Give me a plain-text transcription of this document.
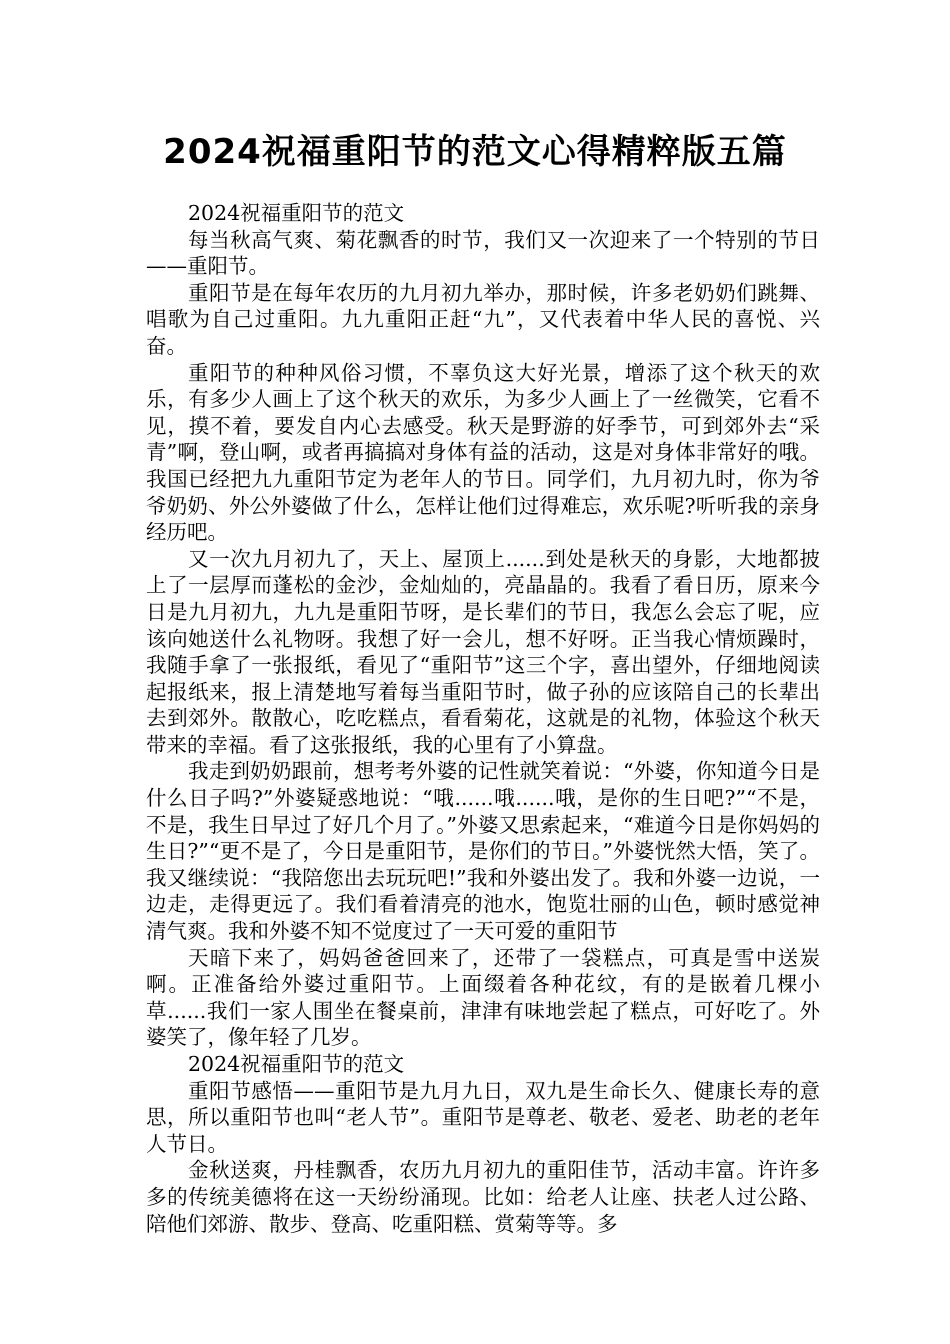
2024祝福重阳节的范文心得精粹版五篇

2024祝福重阳节的范文

每当秋高气爽、菊花飘香的时节，我们又一次迎来了一个特别的节日——重阳节。

重阳节是在每年农历的九月初九举办，那时候，许多老奶奶们跳舞、唱歌为自己过重阳。九九重阳正赶“九”，又代表着中华人民的喜悦、兴奋。

重阳节的种种风俗习惯，不辜负这大好光景，增添了这个秋天的欢乐，有多少人画上了这个秋天的欢乐，为多少人画上了一丝微笑，它看不见，摸不着，要发自内心去感受。秋天是野游的好季节，可到郊外去“采青”啊，登山啊，或者再搞搞对身体有益的活动，这是对身体非常好的哦。我国已经把九九重阳节定为老年人的节日。同学们，九月初九时，你为爷爷奶奶、外公外婆做了什么，怎样让他们过得难忘，欢乐呢?听听我的亲身经历吧。

又一次九月初九了，天上、屋顶上......到处是秋天的身影，大地都披上了一层厚而蓬松的金沙，金灿灿的，亮晶晶的。我看了看日历，原来今日是九月初九，九九是重阳节呀，是长辈们的节日，我怎么会忘了呢，应该向她送什么礼物呀。我想了好一会儿，想不好呀。正当我心情烦躁时，我随手拿了一张报纸，看见了“重阳节”这三个字，喜出望外，仔细地阅读起报纸来，报上清楚地写着每当重阳节时，做子孙的应该陪自己的长辈出去到郊外。散散心，吃吃糕点，看看菊花，这就是的礼物，体验这个秋天带来的幸福。看了这张报纸，我的心里有了小算盘。

我走到奶奶跟前，想考考外婆的记性就笑着说：“外婆，你知道今日是什么日子吗?”外婆疑惑地说：“哦......哦......哦，是你的生日吧?”“不是，不是，我生日早过了好几个月了。”外婆又思索起来，“难道今日是你妈妈的生日?”“更不是了，今日是重阳节，是你们的节日。”外婆恍然大悟，笑了。我又继续说：“我陪您出去玩玩吧!”我和外婆出发了。我和外婆一边说，一边走，走得更远了。我们看着清亮的池水，饱览壮丽的山色，顿时感觉神清气爽。我和外婆不知不觉度过了一天可爱的重阳节

天暗下来了，妈妈爸爸回来了，还带了一袋糕点，可真是雪中送炭啊。正准备给外婆过重阳节。上面缀着各种花纹，有的是嵌着几棵小草......我们一家人围坐在餐桌前，津津有味地尝起了糕点，可好吃了。外婆笑了，像年轻了几岁。

2024祝福重阳节的范文

重阳节感悟——重阳节是九月九日，双九是生命长久、健康长寿的意思，所以重阳节也叫“老人节”。重阳节是尊老、敬老、爱老、助老的老年人节日。

金秋送爽，丹桂飘香，农历九月初九的重阳佳节，活动丰富。许许多多的传统美德将在这一天纷纷涌现。比如：给老人让座、扶老人过公路、陪他们郊游、散步、登高、吃重阳糕、赏菊等等。多
